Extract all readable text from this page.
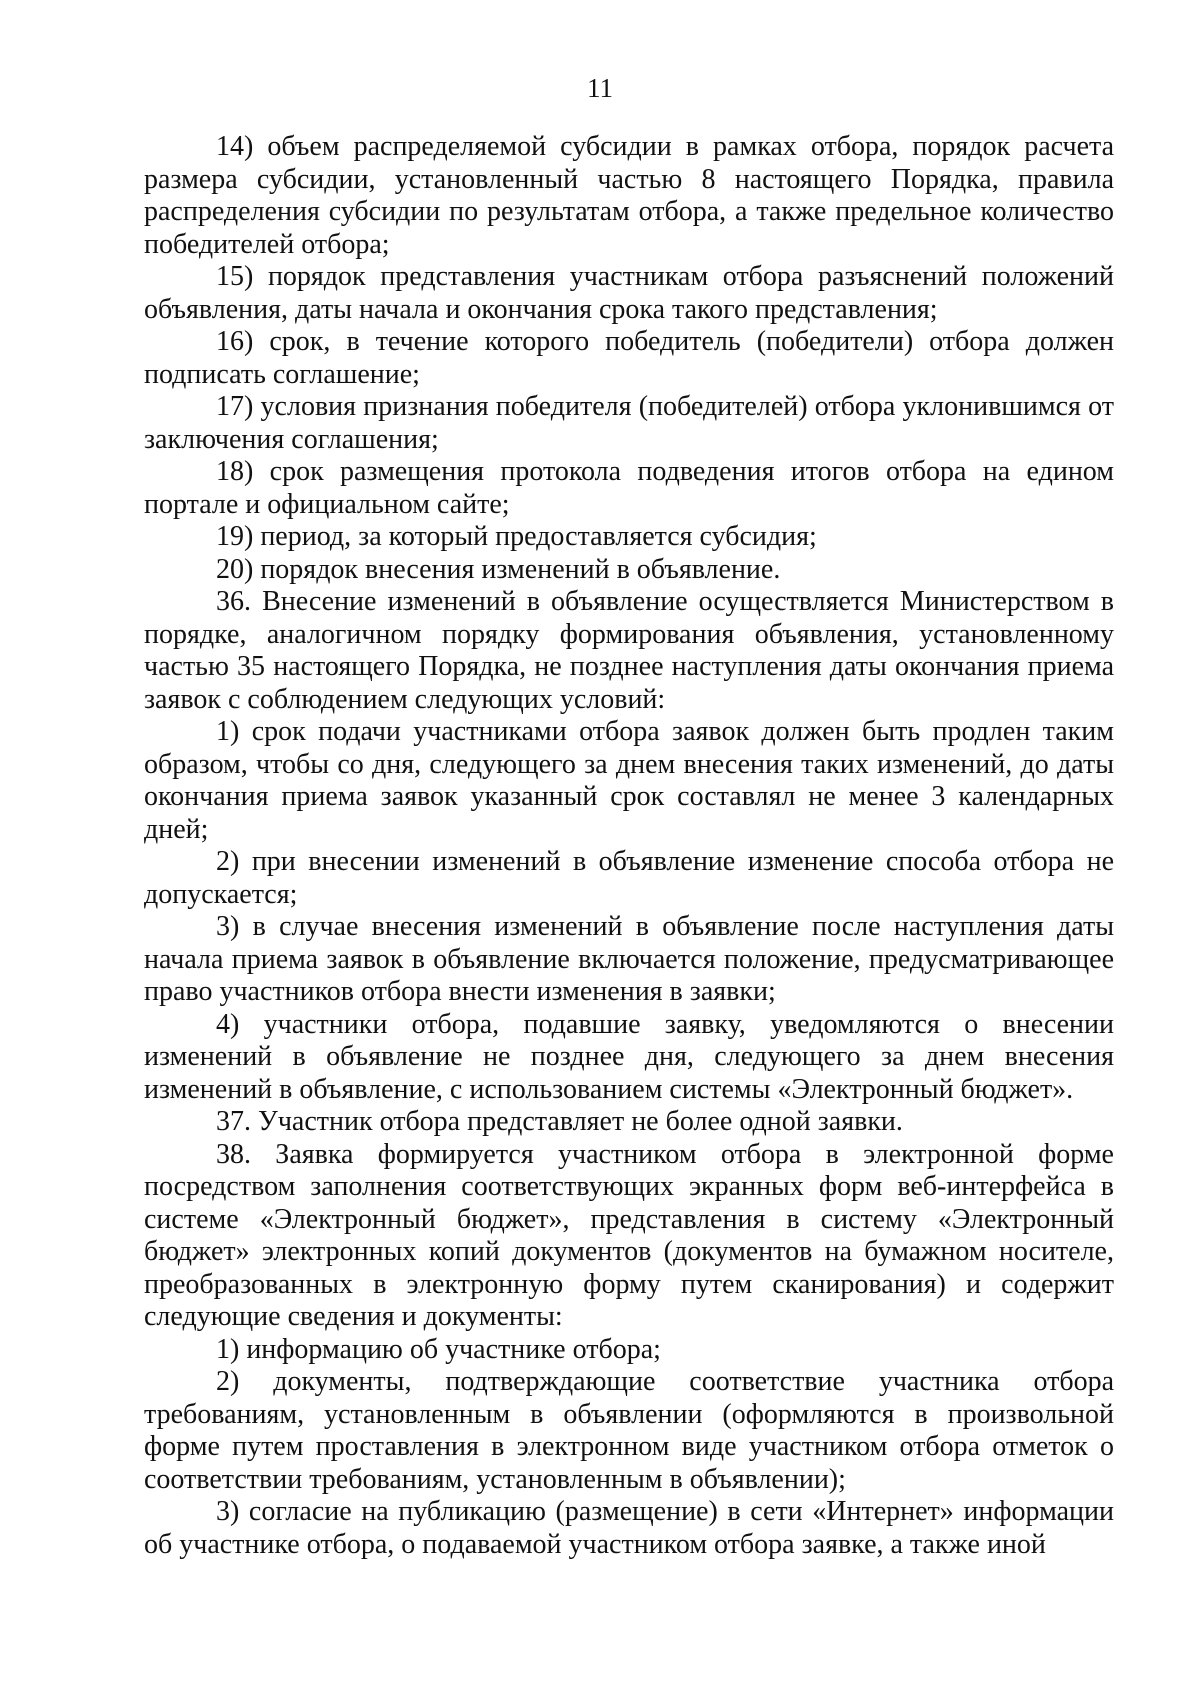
11

14) объем распределяемой субсидии в рамках отбора, порядок расчета размера субсидии, установленный частью 8 настоящего Порядка, правила распределения субсидии по результатам отбора, а также предельное количество победителей отбора;

15) порядок представления участникам отбора разъяснений положений объявления, даты начала и окончания срока такого представления;

16) срок, в течение которого победитель (победители) отбора должен подписать соглашение;

17) условия признания победителя (победителей) отбора уклонившимся от заключения соглашения;

18) срок размещения протокола подведения итогов отбора на едином портале и официальном сайте;

19) период, за который предоставляется субсидия;

20) порядок внесения изменений в объявление.

36. Внесение изменений в объявление осуществляется Министерством в порядке, аналогичном порядку формирования объявления, установленному частью 35 настоящего Порядка, не позднее наступления даты окончания приема заявок с соблюдением следующих условий:

1) срок подачи участниками отбора заявок должен быть продлен таким образом, чтобы со дня, следующего за днем внесения таких изменений, до даты окончания приема заявок указанный срок составлял не менее 3 календарных дней;

2) при внесении изменений в объявление изменение способа отбора не допускается;

3) в случае внесения изменений в объявление после наступления даты начала приема заявок в объявление включается положение, предусматривающее право участников отбора внести изменения в заявки;

4) участники отбора, подавшие заявку, уведомляются о внесении изменений в объявление не позднее дня, следующего за днем внесения изменений в объявление, с использованием системы «Электронный бюджет».

37. Участник отбора представляет не более одной заявки.

38. Заявка формируется участником отбора в электронной форме посредством заполнения соответствующих экранных форм веб-интерфейса в системе «Электронный бюджет», представления в систему «Электронный бюджет» электронных копий документов (документов на бумажном носителе, преобразованных в электронную форму путем сканирования) и содержит следующие сведения и документы:

1) информацию об участнике отбора;

2) документы, подтверждающие соответствие участника отбора требованиям, установленным в объявлении (оформляются в произвольной форме путем проставления в электронном виде участником отбора отметок о соответствии требованиям, установленным в объявлении);

3) согласие на публикацию (размещение) в сети «Интернет» информации об участнике отбора, о подаваемой участником отбора заявке, а также иной
